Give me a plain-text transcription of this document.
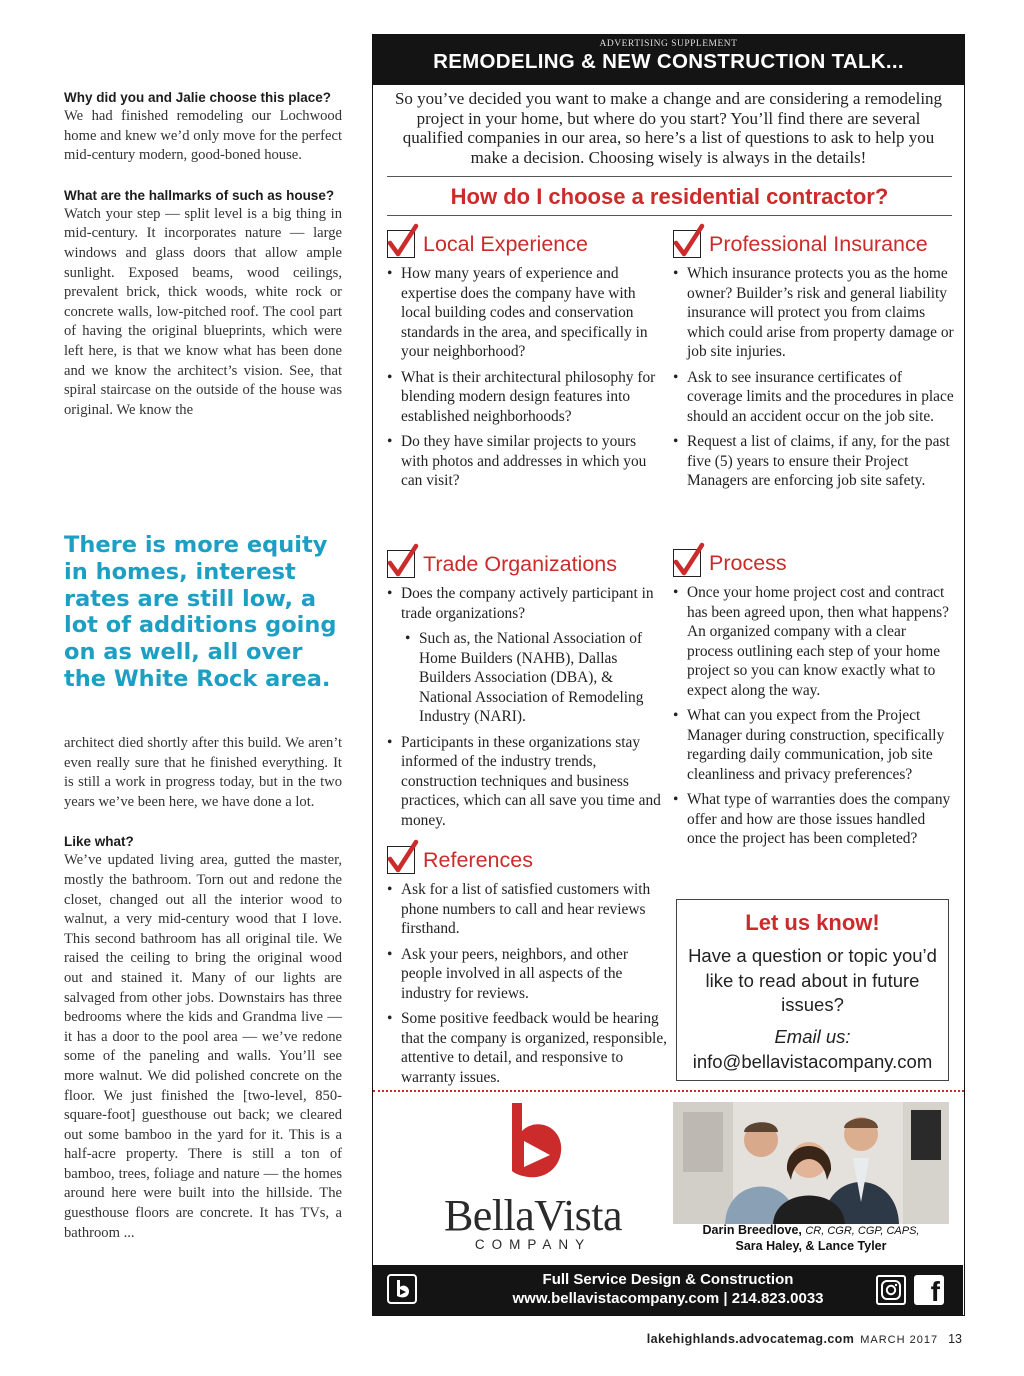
Why did you and Jalie choose this place?

We had finished remodeling our Lochwood home and knew we’d only move for the perfect mid-century modern, good-boned house.

What are the hallmarks of such as house?

Watch your step — split level is a big thing in mid-century. It incorporates nature — large windows and glass doors that allow ample sunlight. Exposed beams, wood ceilings, prevalent brick, thick woods, white rock or concrete walls, low-pitched roof. The cool part of having the original blueprints, which were left here, is that we know what has been done and we know the architect’s vision. See, that spiral staircase on the outside of the house was original. We know the

There is more equity in homes, interest rates are still low, a lot of additions going on as well, all over the White Rock area.

architect died shortly after this build. We aren’t even really sure that he finished everything. It is still a work in progress today, but in the two years we’ve been here, we have done a lot.

Like what?

We’ve updated living area, gutted the master, mostly the bathroom. Torn out and redone the closet, changed out all the interior wood to walnut, a very mid-century wood that I love. This second bathroom has all original tile. We raised the ceiling to bring the original wood out and stained it. Many of our lights are salvaged from other jobs. Downstairs has three bedrooms where the kids and Grandma live — it has a door to the pool area — we’ve redone some of the paneling and walls. You’ll see more walnut. We did polished concrete on the floor. We just finished the [two-level, 850-square-foot] guesthouse out back; we cleared out some bamboo in the yard for it. This is a half-acre property. There is still a ton of bamboo, trees, foliage and nature — the homes around here were built into the hillside. The guesthouse floors are concrete. It has TVs, a bathroom ...

ADVERTISING SUPPLEMENT
REMODELING & NEW CONSTRUCTION TALK...
So you’ve decided you want to make a change and are considering a remodeling project in your home, but where do you start? You’ll find there are several qualified companies in our area, so here’s a list of questions to ask to help you make a decision. Choosing wisely is always in the details!
How do I choose a residential contractor?
Local Experience
• How many years of experience and expertise does the company have with local building codes and conservation standards in the area, and specifically in your neighborhood?
• What is their architectural philosophy for blending modern design features into established neighborhoods?
• Do they have similar projects to yours with photos and addresses in which you can visit?
Professional Insurance
• Which insurance protects you as the home owner? Builder’s risk and general liability insurance will protect you from claims which could arise from property damage or job site injuries.
• Ask to see insurance certificates of coverage limits and the procedures in place should an accident occur on the job site.
• Request a list of claims, if any, for the past five (5) years to ensure their Project Managers are enforcing job site safety.
Trade Organizations
• Does the company actively participant in trade organizations?
• Such as, the National Association of Home Builders (NAHB), Dallas Builders Association (DBA), & National Association of Remodeling Industry (NARI).
• Participants in these organizations stay informed of the industry trends, construction techniques and business practices, which can all save you time and money.
Process
• Once your home project cost and contract has been agreed upon, then what happens? An organized company with a clear process outlining each step of your home project so you can know exactly what to expect along the way.
• What can you expect from the Project Manager during construction, specifically regarding daily communication, job site cleanliness and privacy preferences?
• What type of warranties does the company offer and how are those issues handled once the project has been completed?
References
• Ask for a list of satisfied customers with phone numbers to call and hear reviews firsthand.
• Ask your peers, neighbors, and other people involved in all aspects of the industry for reviews.
• Some positive feedback would be hearing that the company is organized, responsible, attentive to detail, and responsive to warranty issues.
Let us know!
Have a question or topic you’d like to read about in future issues?
Email us:
info@bellavistacompany.com
BellaVista
COMPANY
Darin Breedlove, CR, CGR, CGP, CAPS,
Sara Haley, & Lance Tyler
Full Service Design & Construction
www.bellavistacompany.com | 214.823.0033	f
lakehighlands.advocatemag.com MARCH 2017 13
